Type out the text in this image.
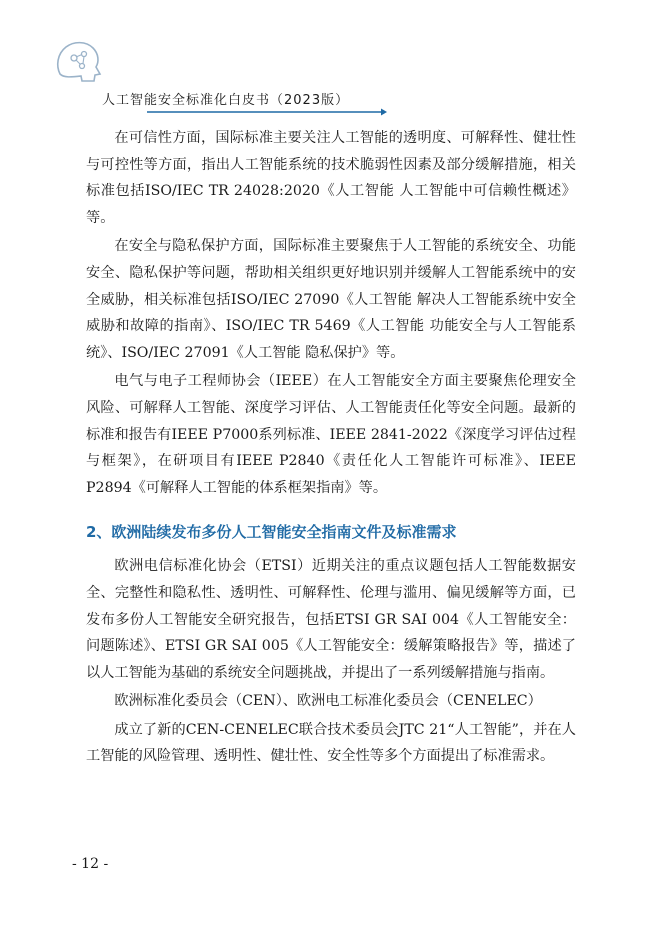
人工智能安全标准化白皮书（2023版）

在可信性方面，国际标准主要关注人工智能的透明度、可解释性、健壮性与可控性等方面，指出人工智能系统的技术脆弱性因素及部分缓解措施，相关标准包括ISO/IEC TR 24028:2020《人工智能 人工智能中可信赖性概述》等。

在安全与隐私保护方面，国际标准主要聚焦于人工智能的系统安全、功能安全、隐私保护等问题，帮助相关组织更好地识别并缓解人工智能系统中的安全威胁，相关标准包括ISO/IEC 27090《人工智能 解决人工智能系统中安全威胁和故障的指南》、ISO/IEC TR 5469《人工智能 功能安全与人工智能系统》、ISO/IEC 27091《人工智能 隐私保护》等。

电气与电子工程师协会（IEEE）在人工智能安全方面主要聚焦伦理安全风险、可解释人工智能、深度学习评估、人工智能责任化等安全问题。最新的标准和报告有IEEE P7000系列标准、IEEE 2841-2022《深度学习评估过程与框架》，在研项目有IEEE P2840《责任化人工智能许可标准》、IEEE P2894《可解释人工智能的体系框架指南》等。

2、欧洲陆续发布多份人工智能安全指南文件及标准需求

欧洲电信标准化协会（ETSI）近期关注的重点议题包括人工智能数据安全、完整性和隐私性、透明性、可解释性、伦理与滥用、偏见缓解等方面，已发布多份人工智能安全研究报告，包括ETSI GR SAI 004《人工智能安全：问题陈述》、ETSI GR SAI 005《人工智能安全：缓解策略报告》等，描述了以人工智能为基础的系统安全问题挑战，并提出了一系列缓解措施与指南。

欧洲标准化委员会（CEN）、欧洲电工标准化委员会（CENELEC）

成立了新的CEN-CENELEC联合技术委员会JTC 21“人工智能”，并在人工智能的风险管理、透明性、健壮性、安全性等多个方面提出了标准需求。

- 12 -
